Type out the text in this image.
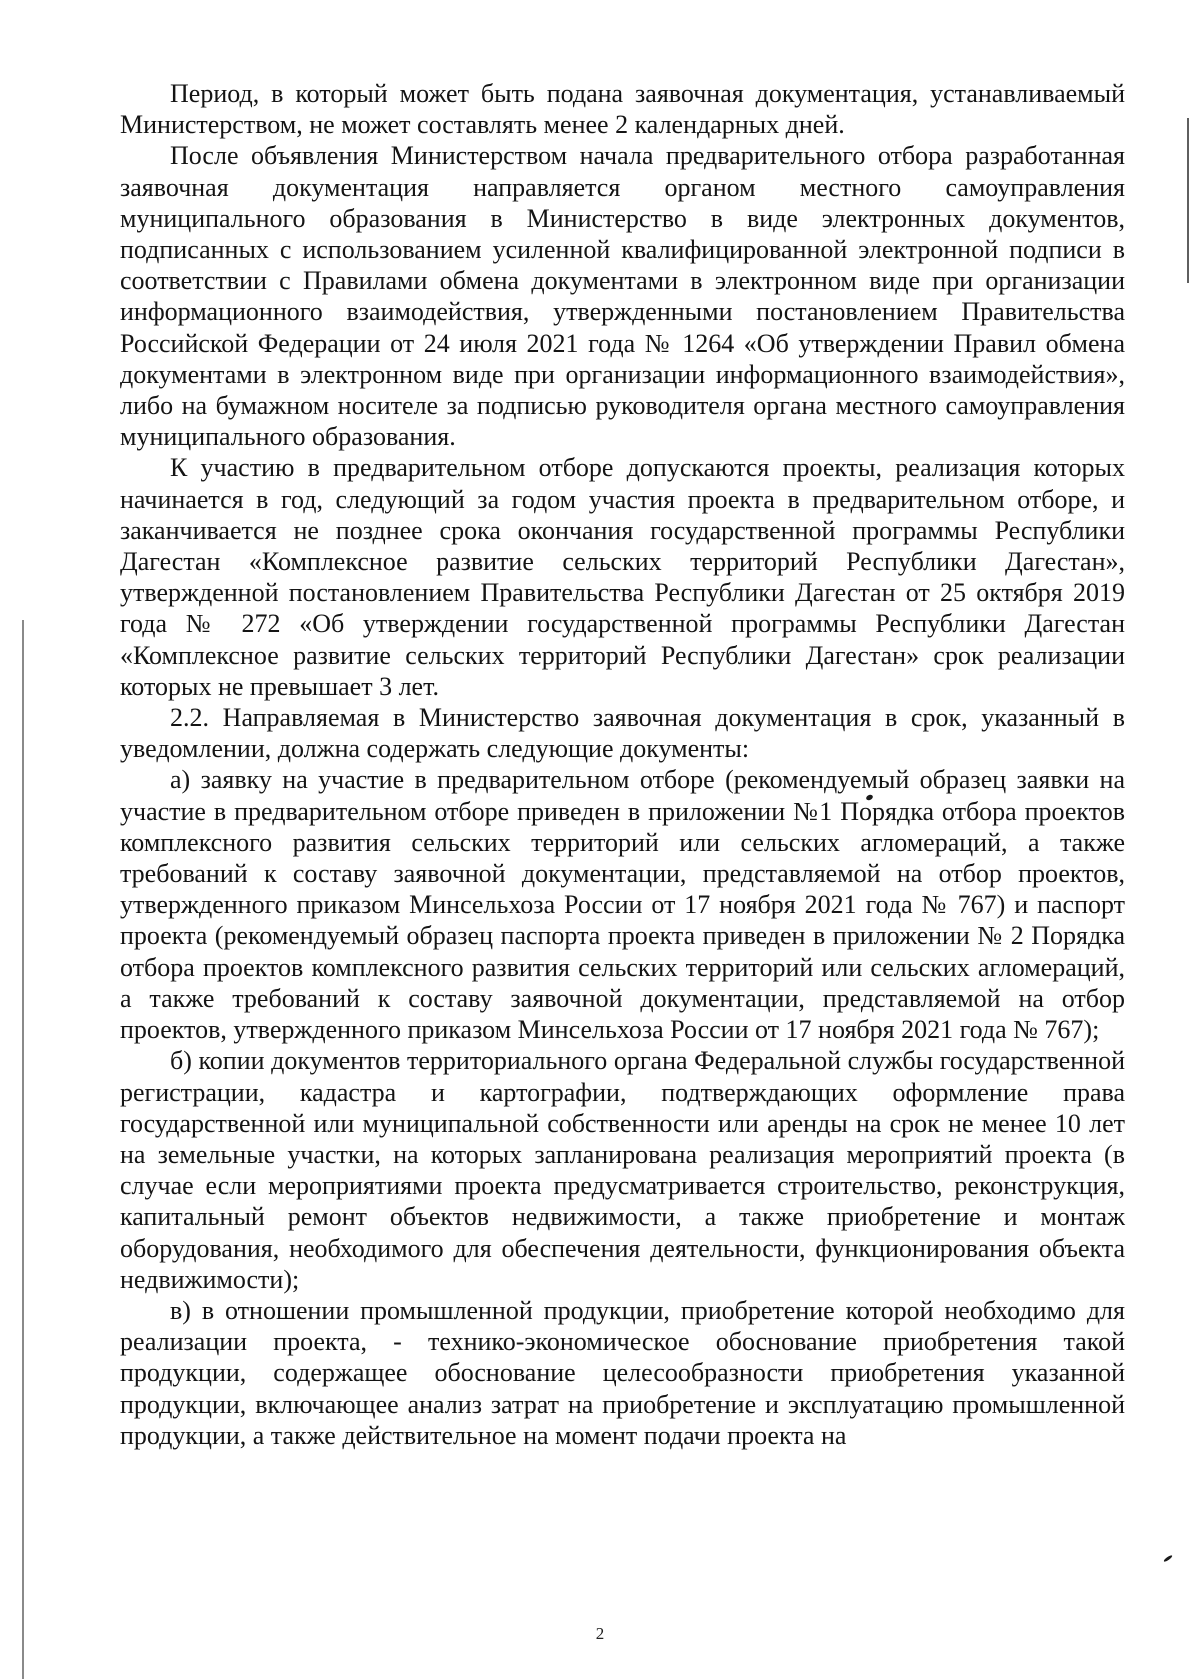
Период, в который может быть подана заявочная документация, устанавливаемый Министерством, не может составлять менее 2 календарных дней.

После объявления Министерством начала предварительного отбора разработанная заявочная документация направляется органом местного самоуправления муниципального образования в Министерство в виде электронных документов, подписанных с использованием усиленной квалифицированной электронной подписи в соответствии с Правилами обмена документами в электронном виде при организации информационного взаимодействия, утвержденными постановлением Правительства Российской Федерации от 24 июля 2021 года № 1264 «Об утверждении Правил обмена документами в электронном виде при организации информационного взаимодействия», либо на бумажном носителе за подписью руководителя органа местного самоуправления муниципального образования.

К участию в предварительном отборе допускаются проекты, реализация которых начинается в год, следующий за годом участия проекта в предварительном отборе, и заканчивается не позднее срока окончания государственной программы Республики Дагестан «Комплексное развитие сельских территорий Республики Дагестан», утвержденной постановлением Правительства Республики Дагестан от 25 октября 2019 года № 272 «Об утверждении государственной программы Республики Дагестан «Комплексное развитие сельских территорий Республики Дагестан» срок реализации которых не превышает 3 лет.

2.2. Направляемая в Министерство заявочная документация в срок, указанный в уведомлении, должна содержать следующие документы:

а) заявку на участие в предварительном отборе (рекомендуемый образец заявки на участие в предварительном отборе приведен в приложении №1 Порядка отбора проектов комплексного развития сельских территорий или сельских агломераций, а также требований к составу заявочной документации, представляемой на отбор проектов, утвержденного приказом Минсельхоза России от 17 ноября 2021 года № 767) и паспорт проекта (рекомендуемый образец паспорта проекта приведен в приложении № 2 Порядка отбора проектов комплексного развития сельских территорий или сельских агломераций, а также требований к составу заявочной документации, представляемой на отбор проектов, утвержденного приказом Минсельхоза России от 17 ноября 2021 года № 767);

б) копии документов территориального органа Федеральной службы государственной регистрации, кадастра и картографии, подтверждающих оформление права государственной или муниципальной собственности или аренды на срок не менее 10 лет на земельные участки, на которых запланирована реализация мероприятий проекта (в случае если мероприятиями проекта предусматривается строительство, реконструкция, капитальный ремонт объектов недвижимости, а также приобретение и монтаж оборудования, необходимого для обеспечения деятельности, функционирования объекта недвижимости);

в) в отношении промышленной продукции, приобретение которой необходимо для реализации проекта, - технико-экономическое обоснование приобретения такой продукции, содержащее обоснование целесообразности приобретения указанной продукции, включающее анализ затрат на приобретение и эксплуатацию промышленной продукции, а также действительное на момент подачи проекта на

2
